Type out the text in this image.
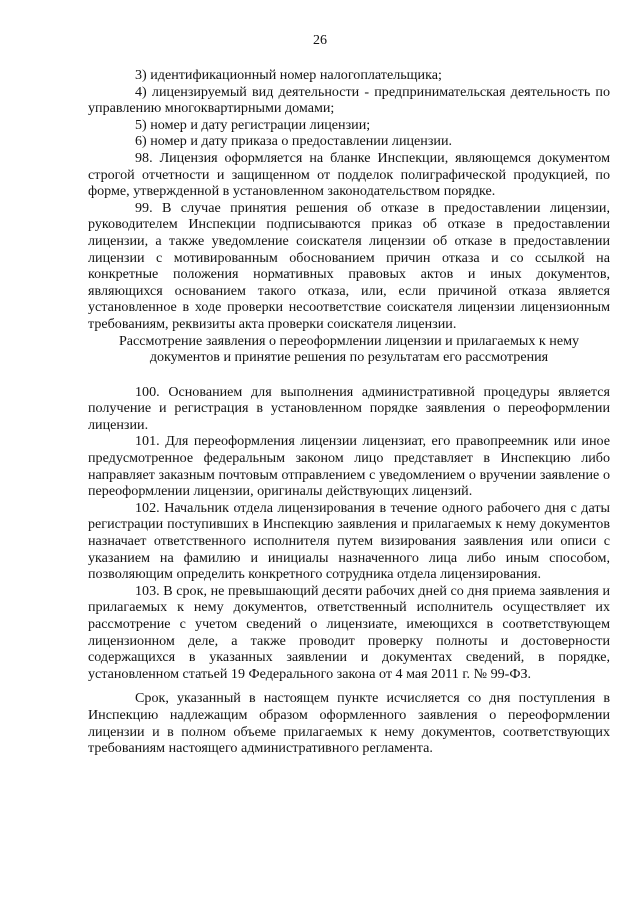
26

3) идентификационный номер налогоплательщика;

4) лицензируемый вид деятельности - предпринимательская деятельность по управлению многоквартирными домами;

5) номер и дату регистрации лицензии;

6) номер и дату приказа о предоставлении лицензии.

98. Лицензия оформляется на бланке Инспекции, являющемся документом строгой отчетности и защищенном от подделок полиграфической продукцией, по форме, утвержденной в установленном законодательством порядке.

99. В случае принятия решения об отказе в предоставлении лицензии, руководителем Инспекции подписываются приказ об отказе в предоставлении лицензии, а также уведомление соискателя лицензии об отказе в предоставлении лицензии с мотивированным обоснованием причин отказа и со ссылкой на конкретные положения нормативных правовых актов и иных документов, являющихся основанием такого отказа, или, если причиной отказа является установленное в ходе проверки несоответствие соискателя лицензии лицензионным требованиям, реквизиты акта проверки соискателя лицензии.

Рассмотрение заявления о переоформлении лицензии и прилагаемых к нему документов и принятие решения по результатам его рассмотрения

100. Основанием для выполнения административной процедуры является получение и регистрация в установленном порядке заявления о переоформлении лицензии.

101. Для переоформления лицензии лицензиат, его правопреемник или иное предусмотренное федеральным законом лицо представляет в Инспекцию либо направляет заказным почтовым отправлением с уведомлением о вручении заявление о переоформлении лицензии, оригиналы действующих лицензий.

102. Начальник отдела лицензирования в течение одного рабочего дня с даты регистрации поступивших в Инспекцию заявления и прилагаемых к нему документов назначает ответственного исполнителя путем визирования заявления или описи с указанием на фамилию и инициалы назначенного лица либо иным способом, позволяющим определить конкретного сотрудника отдела лицензирования.

103. В срок, не превышающий десяти рабочих дней со дня приема заявления и прилагаемых к нему документов, ответственный исполнитель осуществляет их рассмотрение с учетом сведений о лицензиате, имеющихся в соответствующем лицензионном деле, а также проводит проверку полноты и достоверности содержащихся в указанных заявлении и документах сведений, в порядке, установленном статьей 19 Федерального закона от 4 мая 2011 г. № 99-ФЗ.

Срок, указанный в настоящем пункте исчисляется со дня поступления в Инспекцию надлежащим образом оформленного заявления о переоформлении лицензии и в полном объеме прилагаемых к нему документов, соответствующих требованиям настоящего административного регламента.
